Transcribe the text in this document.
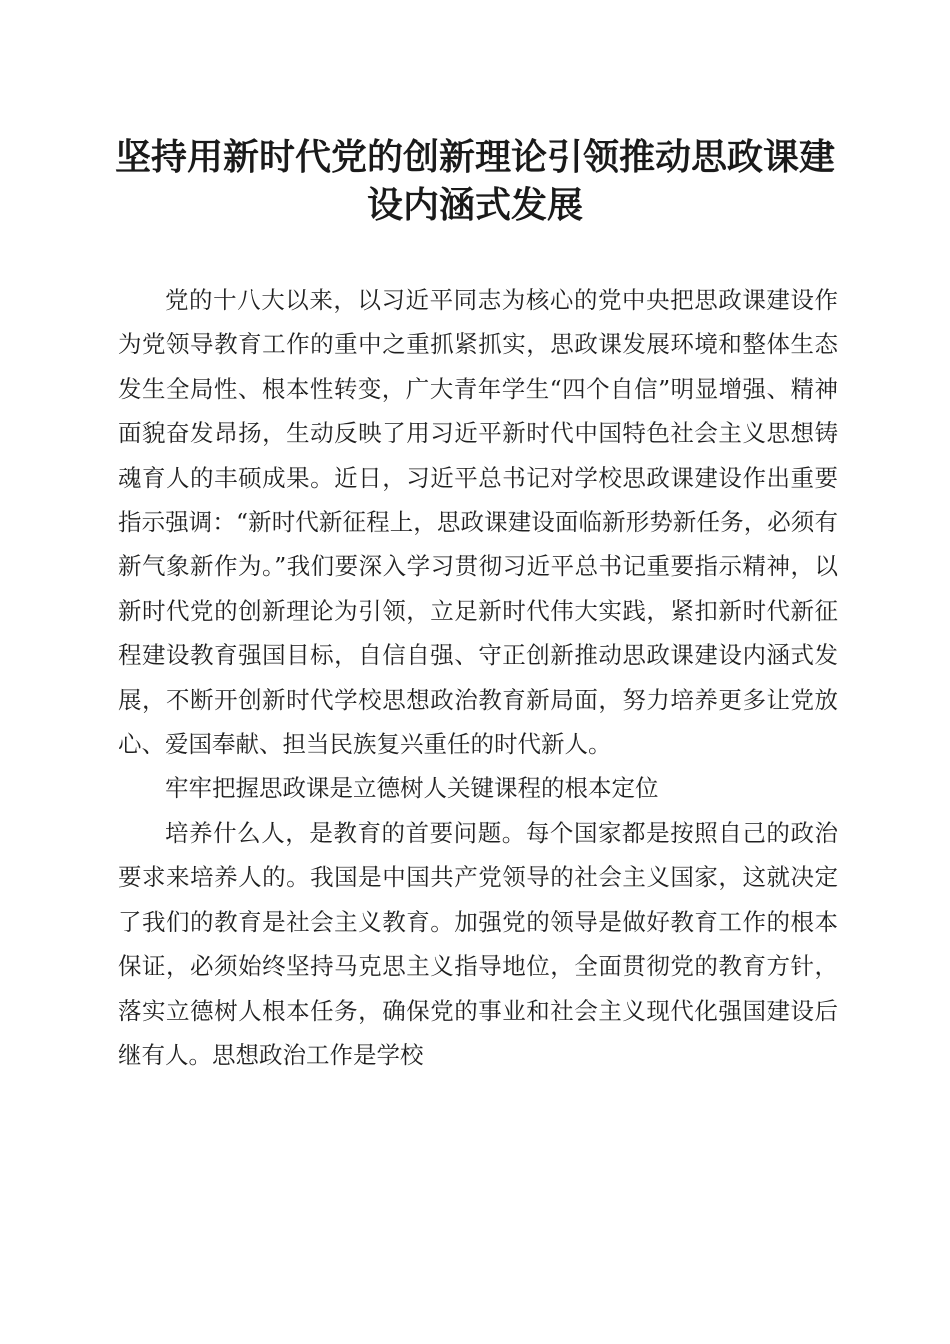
坚持用新时代党的创新理论引领推动思政课建
设内涵式发展

党的十八大以来，以习近平同志为核心的党中央把思政课建设作为党领导教育工作的重中之重抓紧抓实，思政课发展环境和整体生态发生全局性、根本性转变，广大青年学生“四个自信”明显增强、精神面貌奋发昂扬，生动反映了用习近平新时代中国特色社会主义思想铸魂育人的丰硕成果。近日，习近平总书记对学校思政课建设作出重要指示强调：“新时代新征程上，思政课建设面临新形势新任务，必须有新气象新作为。”我们要深入学习贯彻习近平总书记重要指示精神，以新时代党的创新理论为引领，立足新时代伟大实践，紧扣新时代新征程建设教育强国目标，自信自强、守正创新推动思政课建设内涵式发展，不断开创新时代学校思想政治教育新局面，努力培养更多让党放心、爱国奉献、担当民族复兴重任的时代新人。

牢牢把握思政课是立德树人关键课程的根本定位

培养什么人，是教育的首要问题。每个国家都是按照自己的政治要求来培养人的。我国是中国共产党领导的社会主义国家，这就决定了我们的教育是社会主义教育。加强党的领导是做好教育工作的根本保证，必须始终坚持马克思主义指导地位，全面贯彻党的教育方针，落实立德树人根本任务，确保党的事业和社会主义现代化强国建设后继有人。思想政治工作是学校
